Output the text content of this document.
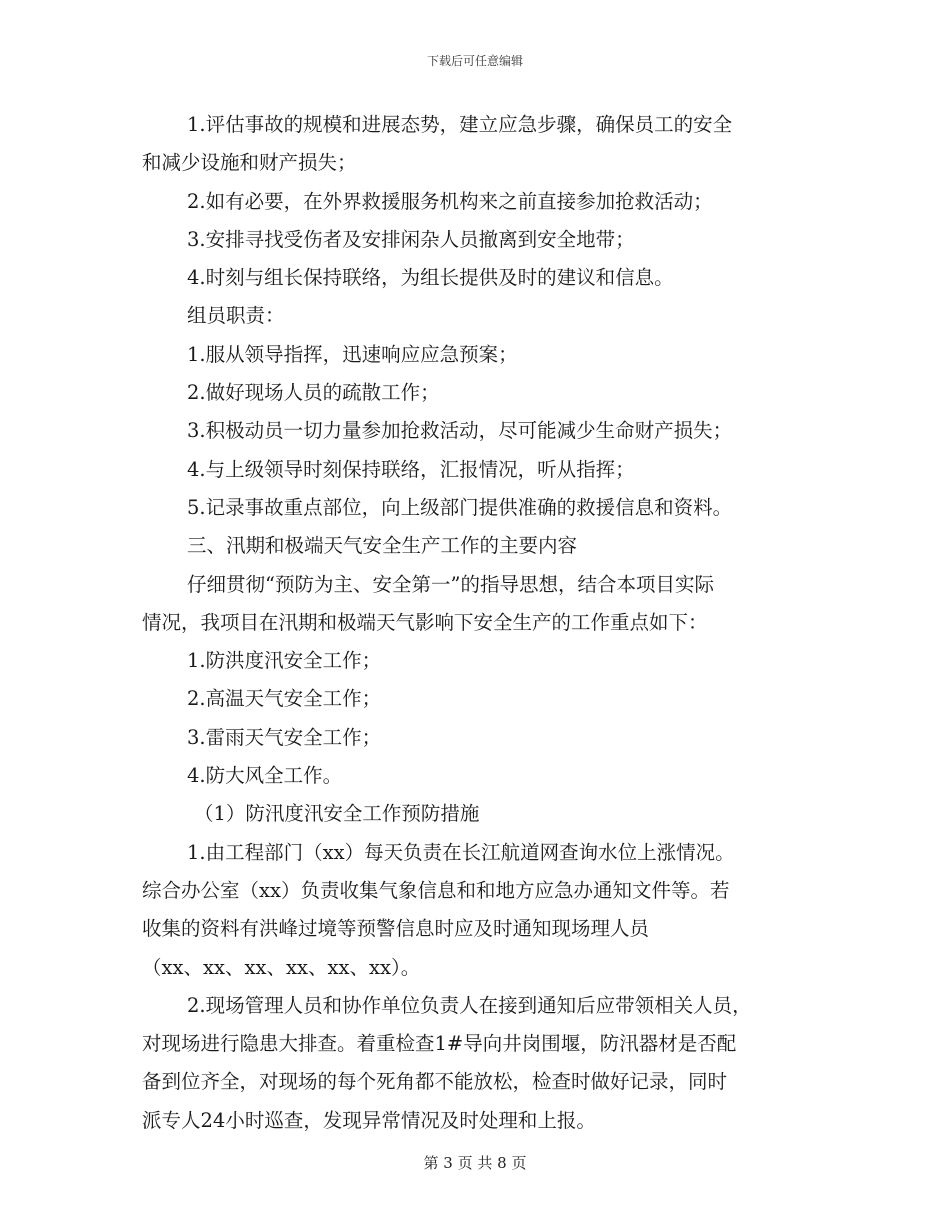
下载后可任意编辑
1.评估事故的规模和进展态势，建立应急步骤，确保员工的安全
和减少设施和财产损失；
2.如有必要，在外界救援服务机构来之前直接参加抢救活动；
3.安排寻找受伤者及安排闲杂人员撤离到安全地带；
4.时刻与组长保持联络，为组长提供及时的建议和信息。
组员职责：
1.服从领导指挥，迅速响应应急预案；
2.做好现场人员的疏散工作；
3.积极动员一切力量参加抢救活动，尽可能减少生命财产损失；
4.与上级领导时刻保持联络，汇报情况，听从指挥；
5.记录事故重点部位，向上级部门提供准确的救援信息和资料。
三、汛期和极端天气安全生产工作的主要内容
仔细贯彻“预防为主、安全第一”的指导思想，结合本项目实际
情况，我项目在汛期和极端天气影响下安全生产的工作重点如下：
1.防洪度汛安全工作；
2.高温天气安全工作；
3.雷雨天气安全工作；
4.防大风全工作。
（1）防汛度汛安全工作预防措施
1.由工程部门（xx）每天负责在长江航道网查询水位上涨情况。
综合办公室（xx）负责收集气象信息和和地方应急办通知文件等。若
收集的资料有洪峰过境等预警信息时应及时通知现场理人员
（xx、xx、xx、xx、xx、xx）。
2.现场管理人员和协作单位负责人在接到通知后应带领相关人员，
对现场进行隐患大排查。着重检查1#导向井岗围堰，防汛器材是否配
备到位齐全，对现场的每个死角都不能放松，检查时做好记录，同时
派专人24小时巡查，发现异常情况及时处理和上报。
第 3 页 共 8 页
